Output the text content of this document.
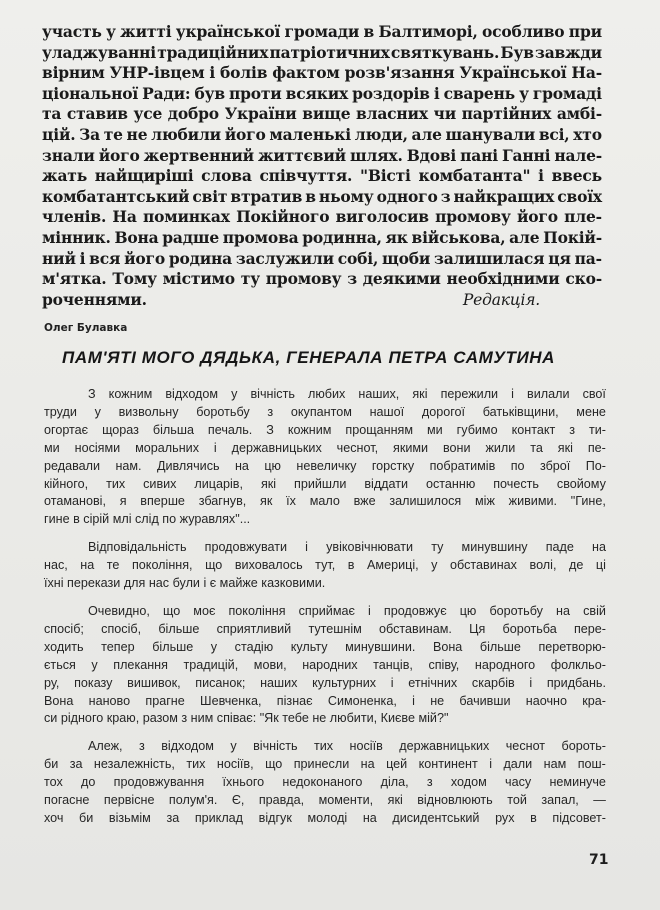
участь у житті української громади в Балтиморі, особливо при
уладжуванні традиційних патріотичних святкувань. Був завжди
вірним УНР-івцем і болів фактом розв'язання Української На-
ціональної Ради: був проти всяких роздорів і сварень у громаді
та ставив усе добро України вище власних чи партійних амбі-
цій. За те не любили його маленькі люди, але шанували всі, хто
знали його жертвенний життєвий шлях. Вдові пані Ганні нале-
жать найщиріші слова співчуття. "Вісті комбатанта" і ввесь
комбатантський світ втратив в ньому одного з найкращих своїх
членів. На поминках Покійного виголосив промову його пле-
мінник. Вона радше промова родинна, як військова, але Покій-
ний і вся його родина заслужили собі, щоби залишилася ця па-
м'ятка. Тому містимо ту промову з деякими необхідними ско-
роченнями.	Редакція.
Олег Булавка
ПАМ'ЯТІ МОГО ДЯДЬКА, ГЕНЕРАЛА ПЕТРА САМУТИНА
З кожним відходом у вічність любих наших, які пережили і вилали свої
труди у визвольну боротьбу з окупантом нашої дорогої батьківщини, мене
огортає щораз більша печаль. З кожним прощанням ми губимо контакт з ти-
ми носіями моральних і державницьких чеснот, якими вони жили та які пе-
редавали нам. Дивлячись на цю невеличку горстку побратимів по зброї По-
кійного, тих сивих лицарів, які прийшли віддати останню почесть свойому
отаманові, я вперше збагнув, як їх мало вже залишилося між живими. "Гине,
гине в сірій млі слід по журавлях"...
Відповідальність продовжувати і увіковічнювати ту минувшину паде на
нас, на те покоління, що виховалось тут, в Америці, у обставинах волі, де ці
їхні перекази для нас були і є майже казковими.
Очевидно, що моє покоління сприймає і продовжує цю боротьбу на свій
спосіб; спосіб, більше сприятливий тутешнім обставинам. Ця боротьба пере-
ходить тепер більше у стадію культу минувшини. Вона більше перетворю-
ється у плекання традицій, мови, народних танців, співу, народного фолкльо-
ру, показу вишивок, писанок; наших культурних і етнічних скарбів і придбань.
Вона наново прагне Шевченка, пізнає Симоненка, і не бачивши наочно кра-
си рідного краю, разом з ним співає: "Як тебе не любити, Києве мій?"
Алеж, з відходом у вічність тих носіїв державницьких чеснот бороть-
би за незалежність, тих носіїв, що принесли на цей континент і дали нам пош-
тох до продовжування їхнього недоконаного діла, з ходом часу неминуче
погасне первісне полум'я. Є, правда, моменти, які відновлюють той запал, —
хоч би візьмім за приклад відгук молоді на дисидентський рух в підсовет-
71
